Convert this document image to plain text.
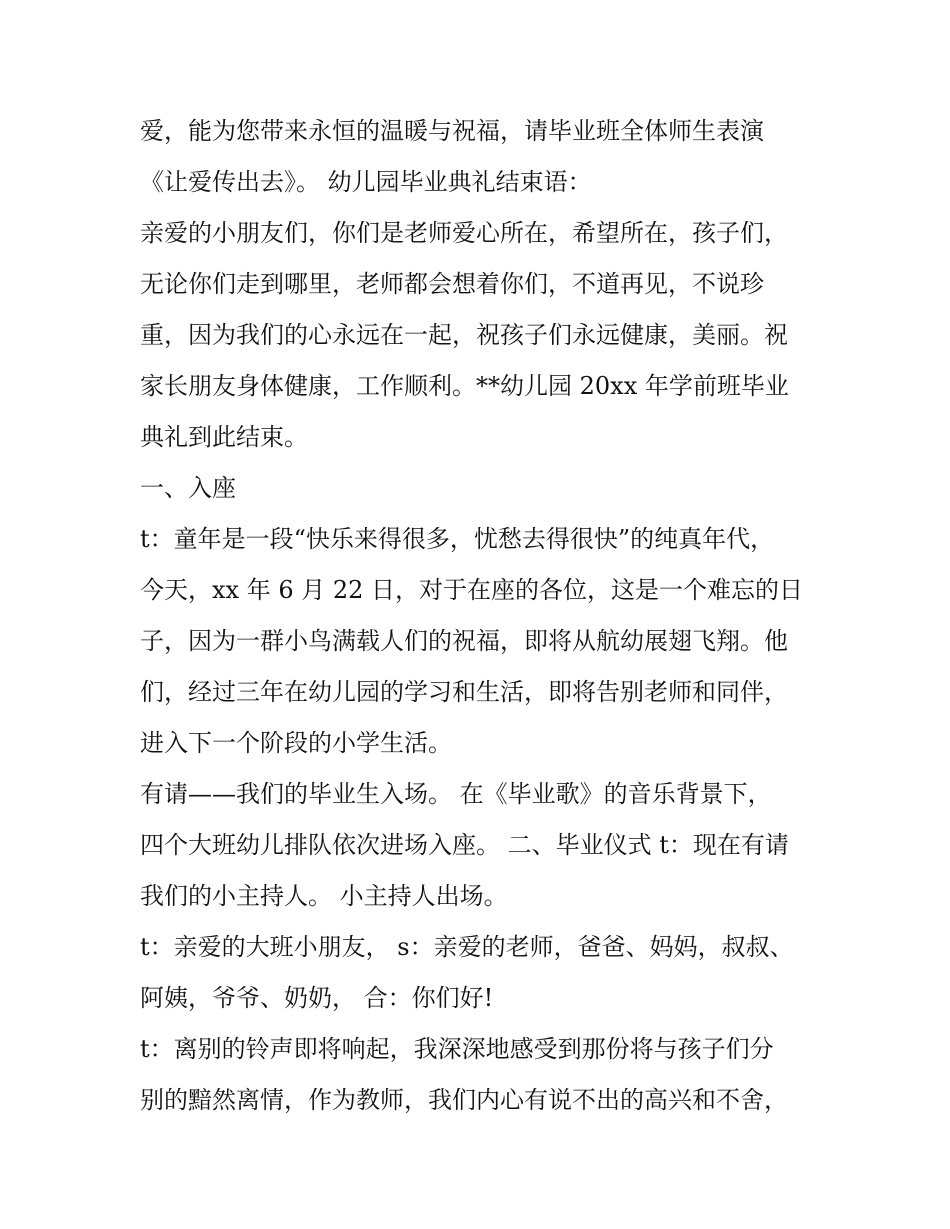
爱，能为您带来永恒的温暖与祝福，请毕业班全体师生表演
《让爱传出去》。 幼儿园毕业典礼结束语：
亲爱的小朋友们，你们是老师爱心所在，希望所在，孩子们，
无论你们走到哪里，老师都会想着你们，不道再见，不说珍
重，因为我们的心永远在一起，祝孩子们永远健康，美丽。祝
家长朋友身体健康，工作顺利。**幼儿园 20xx 年学前班毕业
典礼到此结束。
一、入座
t：童年是一段“快乐来得很多，忧愁去得很快”的纯真年代，
今天，xx 年 6 月 22 日，对于在座的各位，这是一个难忘的日
子，因为一群小鸟满载人们的祝福，即将从航幼展翅飞翔。他
们，经过三年在幼儿园的学习和生活，即将告别老师和同伴，
进入下一个阶段的小学生活。
有请——我们的毕业生入场。 在《毕业歌》的音乐背景下，
四个大班幼儿排队依次进场入座。 二、毕业仪式 t：现在有请
我们的小主持人。 小主持人出场。
t：亲爱的大班小朋友， s：亲爱的老师，爸爸、妈妈，叔叔、
阿姨，爷爷、奶奶， 合：你们好!
t：离别的铃声即将响起，我深深地感受到那份将与孩子们分
别的黯然离情，作为教师，我们内心有说不出的高兴和不舍，
